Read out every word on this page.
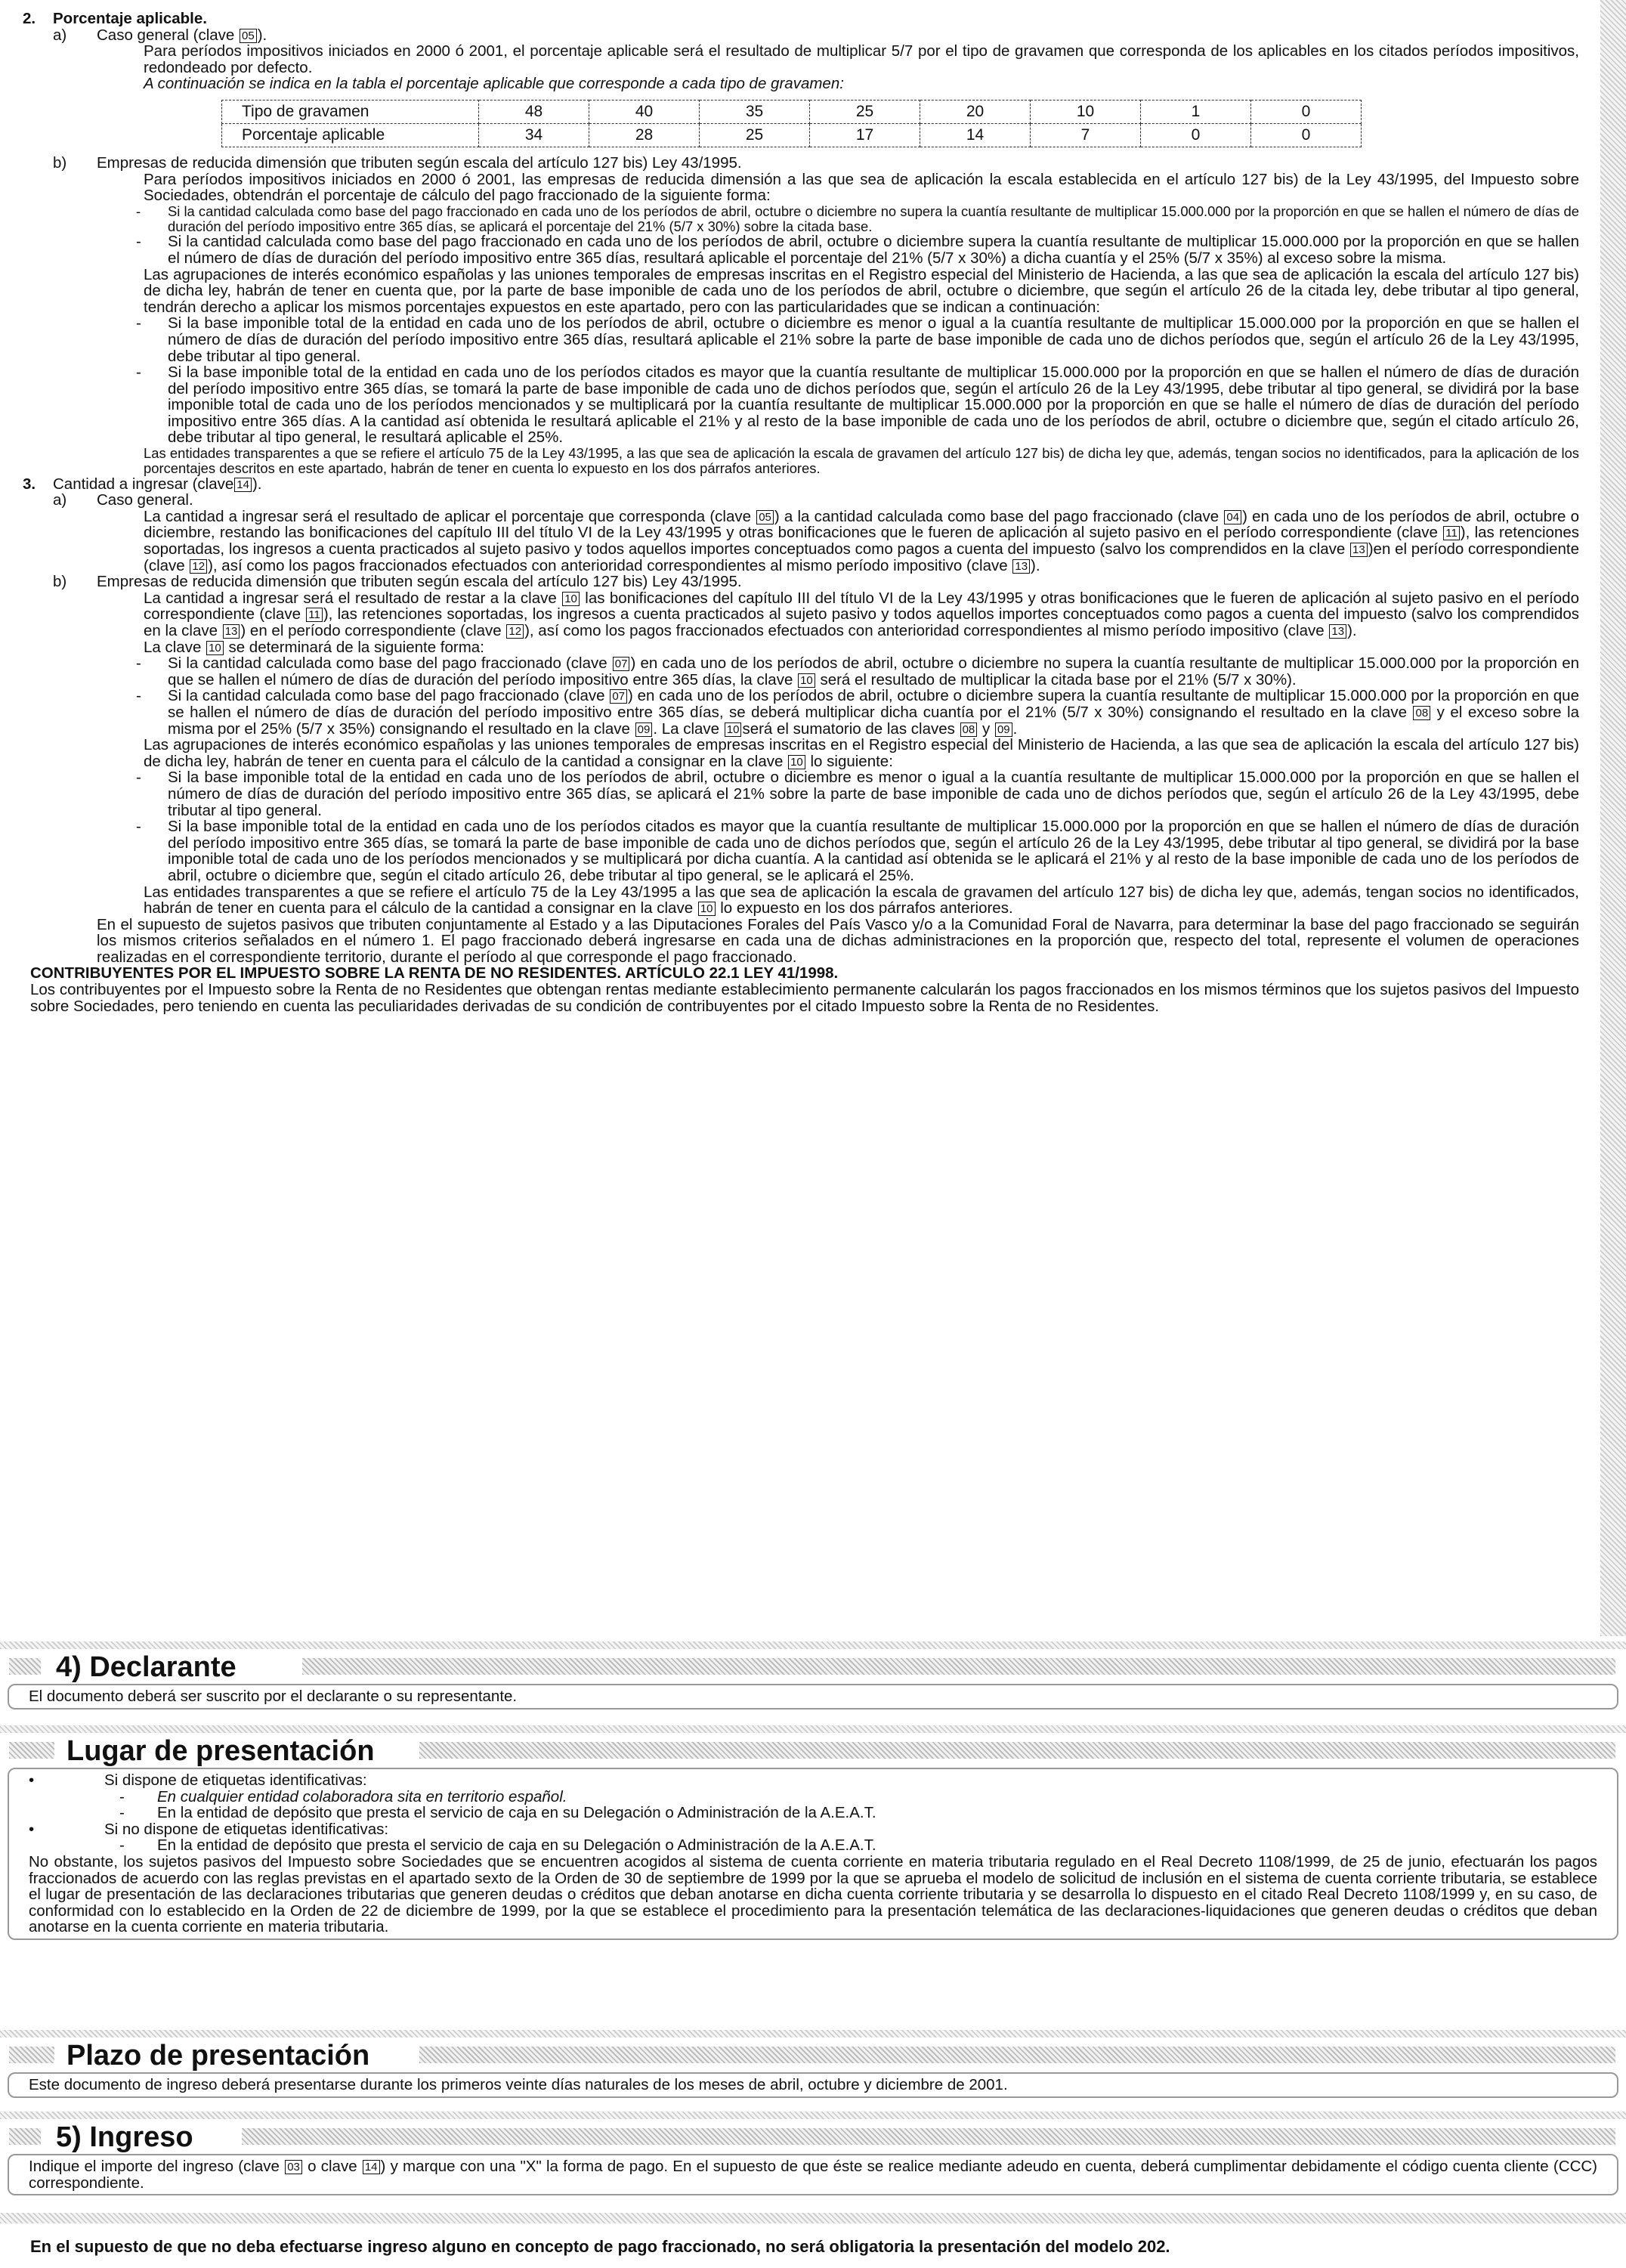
2.	Porcentaje aplicable.
a)	Caso general (clave 05 ).
Para períodos impositivos iniciados en 2000 ó 2001, el porcentaje aplicable será el resultado de multiplicar 5/7 por el tipo de gravamen que corresponda de los aplicables en los citados períodos impositivos, redondeado por defecto.
A continuación se indica en la tabla el porcentaje aplicable que corresponde a cada tipo de gravamen:
Tipo de gravamen	48	40	35	25	20	10	1	0
Porcentaje aplicable	34	28	25	17	14	7	0	0
b)	Empresas de reducida dimensión que tributen según escala del artículo 127 bis) Ley 43/1995.
Para períodos impositivos iniciados en 2000 ó 2001, las empresas de reducida dimensión a las que sea de aplicación la escala establecida en el artículo 127 bis) de la Ley 43/1995, del Impuesto sobre Sociedades, obtendrán el porcentaje de cálculo del pago fraccionado de la siguiente forma:
-	Si la cantidad calculada como base del pago fraccionado en cada uno de los períodos de abril, octubre o diciembre no supera la cuantía resultante de multiplicar 15.000.000 por la proporción en que se hallen el número de días de duración del período impositivo entre 365 días, se aplicará el porcentaje del 21% (5/7 x 30%) sobre la citada base.
-	Si la cantidad calculada como base del pago fraccionado en cada uno de los períodos de abril, octubre o diciembre supera la cuantía resultante de multiplicar 15.000.000 por la proporción en que se hallen el número de días de duración del período impositivo entre 365 días, resultará aplicable el porcentaje del 21% (5/7 x 30%) a dicha cuantía y el 25% (5/7 x 35%) al exceso sobre la misma.
Las agrupaciones de interés económico españolas y las uniones temporales de empresas inscritas en el Registro especial del Ministerio de Hacienda, a las que sea de aplicación la escala del artículo 127 bis) de dicha ley, habrán de tener en cuenta que, por la parte de base imponible de cada uno de los períodos de abril, octubre o diciembre, que según el artículo 26 de la citada ley, debe tributar al tipo general, tendrán derecho a aplicar los mismos porcentajes expuestos en este apartado, pero con las particularidades que se indican a continuación:
-	Si la base imponible total de la entidad en cada uno de los períodos de abril, octubre o diciembre es menor o igual a la cuantía resultante de multiplicar 15.000.000 por la proporción en que se hallen el número de días de duración del período impositivo entre 365 días, resultará aplicable el 21% sobre la parte de base imponible de cada uno de dichos períodos que, según el artículo 26 de la Ley 43/1995, debe tributar al tipo general.
-	Si la base imponible total de la entidad en cada uno de los períodos citados es mayor que la cuantía resultante de multiplicar 15.000.000 por la proporción en que se hallen el número de días de duración del período impositivo entre 365 días, se tomará la parte de base imponible de cada uno de dichos períodos que, según el artículo 26 de la Ley 43/1995, debe tributar al tipo general, se dividirá por la base imponible total de cada uno de los períodos mencionados y se multiplicará por la cuantía resultante de multiplicar 15.000.000 por la proporción en que se halle el número de días de duración del período impositivo entre 365 días. A la cantidad así obtenida le resultará aplicable el 21% y al resto de la base imponible de cada uno de los períodos de abril, octubre o diciembre que, según el citado artículo 26, debe tributar al tipo general, le resultará aplicable el 25%.
Las entidades transparentes a que se refiere el artículo 75 de la Ley 43/1995, a las que sea de aplicación la escala de gravamen del artículo 127 bis) de dicha ley que, además, tengan socios no identificados, para la aplicación de los porcentajes descritos en este apartado, habrán de tener en cuenta lo expuesto en los dos párrafos anteriores.
3.	Cantidad a ingresar (clave 14 ).
a)	Caso general.
La cantidad a ingresar será el resultado de aplicar el porcentaje que corresponda (clave 05 ) a la cantidad calculada como base del pago fraccionado (clave 04 ) en cada uno de los períodos de abril, octubre o diciembre, restando las bonificaciones del capítulo III del título VI de la Ley 43/1995 y otras bonificaciones que le fueren de aplicación al sujeto pasivo en el período correspondiente (clave 11 ), las retenciones soportadas, los ingresos a cuenta practicados al sujeto pasivo y todos aquellos importes conceptuados como pagos a cuenta del impuesto (salvo los comprendidos en la clave 13 )en el período correspondiente (clave 12 ), así como los pagos fraccionados efectuados con anterioridad correspondientes al mismo período impositivo (clave 13 ).
b)	Empresas de reducida dimensión que tributen según escala del artículo 127 bis) Ley 43/1995.
La cantidad a ingresar será el resultado de restar a la clave 10 las bonificaciones del capítulo III del título VI de la Ley 43/1995 y otras bonificaciones que le fueren de aplicación al sujeto pasivo en el período correspondiente (clave 11 ), las retenciones soportadas, los ingresos a cuenta practicados al sujeto pasivo y todos aquellos importes conceptuados como pagos a cuenta del impuesto (salvo los comprendidos en la clave 13 ) en el período correspondiente (clave 12 ), así como los pagos fraccionados efectuados con anterioridad correspondientes al mismo período impositivo (clave 13 ).
La clave 10 se determinará de la siguiente forma:
-	Si la cantidad calculada como base del pago fraccionado (clave 07 ) en cada uno de los períodos de abril, octubre o diciembre no supera la cuantía resultante de multiplicar 15.000.000 por la proporción en que se hallen el número de días de duración del período impositivo entre 365 días, la clave 10 será el resultado de multiplicar la citada base por el 21% (5/7 x 30%).
-	Si la cantidad calculada como base del pago fraccionado (clave 07 ) en cada uno de los períodos de abril, octubre o diciembre supera la cuantía resultante de multiplicar 15.000.000 por la proporción en que se hallen el número de días de duración del período impositivo entre 365 días, se deberá multiplicar dicha cuantía por el 21% (5/7 x 30%) consignando el resultado en la clave 08 y el exceso sobre la misma por el 25% (5/7 x 35%) consignando el resultado en la clave 09 . La clave 10 será el sumatorio de las claves 08 y 09 .
Las agrupaciones de interés económico españolas y las uniones temporales de empresas inscritas en el Registro especial del Ministerio de Hacienda, a las que sea de aplicación la escala del artículo 127 bis) de dicha ley, habrán de tener en cuenta para el cálculo de la cantidad a consignar en la clave 10 lo siguiente:
-	Si la base imponible total de la entidad en cada uno de los períodos de abril, octubre o diciembre es menor o igual a la cuantía resultante de multiplicar 15.000.000 por la proporción en que se hallen el número de días de duración del período impositivo entre 365 días, se aplicará el 21% sobre la parte de base imponible de cada uno de dichos períodos que, según el artículo 26 de la Ley 43/1995, debe tributar al tipo general.
-	Si la base imponible total de la entidad en cada uno de los períodos citados es mayor que la cuantía resultante de multiplicar 15.000.000 por la proporción en que se hallen el número de días de duración del período impositivo entre 365 días, se tomará la parte de base imponible de cada uno de dichos períodos que, según el artículo 26 de la Ley 43/1995, debe tributar al tipo general, se dividirá por la base imponible total de cada uno de los períodos mencionados y se multiplicará por dicha cuantía. A la cantidad así obtenida se le aplicará el 21% y al resto de la base imponible de cada uno de los períodos de abril, octubre o diciembre que, según el citado artículo 26, debe tributar al tipo general, se le aplicará el 25%.
Las entidades transparentes a que se refiere el artículo 75 de la Ley 43/1995 a las que sea de aplicación la escala de gravamen del artículo 127 bis) de dicha ley que, además, tengan socios no identificados, habrán de tener en cuenta para el cálculo de la cantidad a consignar en la clave 10 lo expuesto en los dos párrafos anteriores.
En el supuesto de sujetos pasivos que tributen conjuntamente al Estado y a las Diputaciones Forales del País Vasco y/o a la Comunidad Foral de Navarra, para determinar la base del pago fraccionado se seguirán los mismos criterios señalados en el número 1. El pago fraccionado deberá ingresarse en cada una de dichas administraciones en la proporción que, respecto del total, represente el volumen de operaciones realizadas en el correspondiente territorio, durante el período al que corresponde el pago fraccionado.
CONTRIBUYENTES POR EL IMPUESTO SOBRE LA RENTA DE NO RESIDENTES. ARTÍCULO 22.1 LEY 41/1998.
Los contribuyentes por el Impuesto sobre la Renta de no Residentes que obtengan rentas mediante establecimiento permanente calcularán los pagos fraccionados en los mismos términos que los sujetos pasivos del Impuesto sobre Sociedades, pero teniendo en cuenta las peculiaridades derivadas de su condición de contribuyentes por el citado Impuesto sobre la Renta de no Residentes.
4) Declarante
El documento deberá ser suscrito por el declarante o su representante.
Lugar de presentación
•	Si dispone de etiquetas identificativas:
-	En cualquier entidad colaboradora sita en territorio español.
-	En la entidad de depósito que presta el servicio de caja en su Delegación o Administración de la A.E.A.T.
•	Si no dispone de etiquetas identificativas:
-	En la entidad de depósito que presta el servicio de caja en su Delegación o Administración de la A.E.A.T.
No obstante, los sujetos pasivos del Impuesto sobre Sociedades que se encuentren acogidos al sistema de cuenta corriente en materia tributaria regulado en el Real Decreto 1108/1999, de 25 de junio, efectuarán los pagos fraccionados de acuerdo con las reglas previstas en el apartado sexto de la Orden de 30 de septiembre de 1999 por la que se aprueba el modelo de solicitud de inclusión en el sistema de cuenta corriente tributaria, se establece el lugar de presentación de las declaraciones tributarias que generen deudas o créditos que deban anotarse en dicha cuenta corriente tributaria y se desarrolla lo dispuesto en el citado Real Decreto 1108/1999 y, en su caso, de conformidad con lo establecido en la Orden de 22 de diciembre de 1999, por la que se establece el procedimiento para la presentación telemática de las declaraciones-liquidaciones que generen deudas o créditos que deban anotarse en la cuenta corriente en materia tributaria.
Plazo de presentación
Este documento de ingreso deberá presentarse durante los primeros veinte días naturales de los meses de abril, octubre y diciembre de 2001.
5) Ingreso
Indique el importe del ingreso (clave 03 o clave 14 ) y marque con una "X" la forma de pago. En el supuesto de que éste se realice mediante adeudo en cuenta, deberá cumplimentar debidamente el código cuenta cliente (CCC) correspondiente.
En el supuesto de que no deba efectuarse ingreso alguno en concepto de pago fraccionado, no será obligatoria la presentación del modelo 202.
